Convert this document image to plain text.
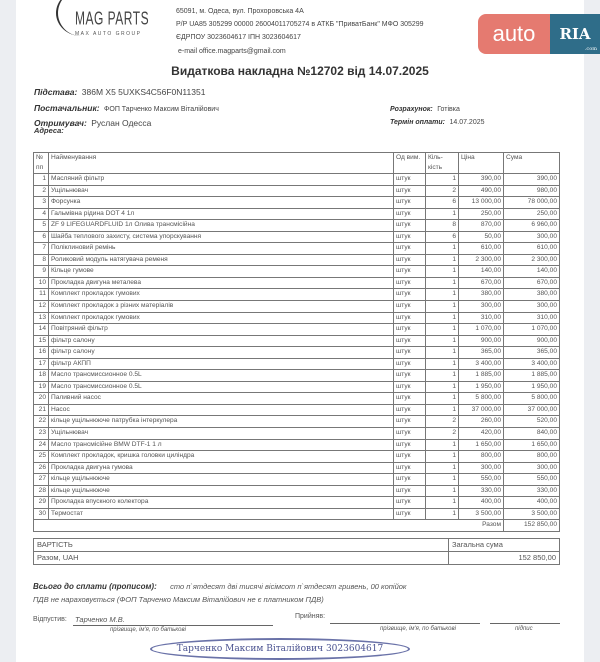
MAG PARTS
MAX AUTO GROUP
65091, м. Одеса, вул. Прохоровська 4А
Р/Р UA85 305299 00000 26004011705274 в АТКБ "ПриватБанк" МФО 305299
ЄДРПОУ 3023604617 ІПН 3023604617
e-mail office.magparts@gmail.com
Видаткова накладна №12702 від 14.07.2025
Підстава: 386M X5 5UXKS4C56F0N11351
Постачальник: ФОП Тарченко Максим Віталійович
Отримувач: Руслан Одесса
Адреса:
Розрахунок: Готівка
Термін оплати: 14.07.2025
auto	RIA
.com
№ пп	Найменування	Од вим.	Кіль-кість	Ціна	Сума
1	Масляний фільтр	штук	1	390,00	390,00
2	Ущільнювач	штук	2	490,00	980,00
3	Форсунка	штук	6	13 000,00	78 000,00
4	Гальмівна рідина DOT 4 1л	штук	1	250,00	250,00
5	ZF 9 LIFEGUARDFLUID 1л Олива трансмісійна	штук	8	870,00	6 960,00
6	Шайба теплового захисту, система упорскування	штук	6	50,00	300,00
7	Поліклиновий ремінь	штук	1	610,00	610,00
8	Роликовий модуль натягувача ременя	штук	1	2 300,00	2 300,00
9	Кільце гумове	штук	1	140,00	140,00
10	Прокладка двигуна металева	штук	1	670,00	670,00
11	Комплект прокладок гумових	штук	1	380,00	380,00
12	Комплект прокладок з різних матеріалів	штук	1	300,00	300,00
13	Комплект прокладок гумових	штук	1	310,00	310,00
14	Повітряний фільтр	штук	1	1 070,00	1 070,00
15	фільтр салону	штук	1	900,00	900,00
16	фільтр салону	штук	1	365,00	365,00
17	фільтр АКПП	штук	1	3 400,00	3 400,00
18	Масло трансмиссионное 0.5L	штук	1	1 885,00	1 885,00
19	Масло трансмиссионное 0.5L	штук	1	1 950,00	1 950,00
20	Паливний насос	штук	1	5 800,00	5 800,00
21	Насос	штук	1	37 000,00	37 000,00
22	кільце ущільнююче патрубка інтеркулера	штук	2	260,00	520,00
23	Ущільнювач	штук	2	420,00	840,00
24	Масло трансмісійне BMW DTF-1 1 л	штук	1	1 650,00	1 650,00
25	Комплект прокладок, кришка головки циліндра	штук	1	800,00	800,00
26	Прокладка двигуна гумова	штук	1	300,00	300,00
27	кільце ущільнююче	штук	1	550,00	550,00
28	кільце ущільнююче	штук	1	330,00	330,00
29	Прокладка впускного колектора	штук	1	400,00	400,00
30	Термостат	штук	1	3 500,00	3 500,00
Разом					152 850,00
ВАРТІСТЬ	Загальна сума
Разом, UAH	152 850,00
Всього до сплати (прописом): сто п`ятдесят дві тисячі вісімсот п`ятдесят гривень, 00 копійок
ПДВ не нараховується (ФОП Тарченко Максим Віталійович не є платником ПДВ)
Відпустив: Тарченко М.В.
прізвище, ім'я, по батькові
Прийняв:
прізвище, ім'я, по батькові	підпис
Тарченко Максим Віталійович 3023604617
